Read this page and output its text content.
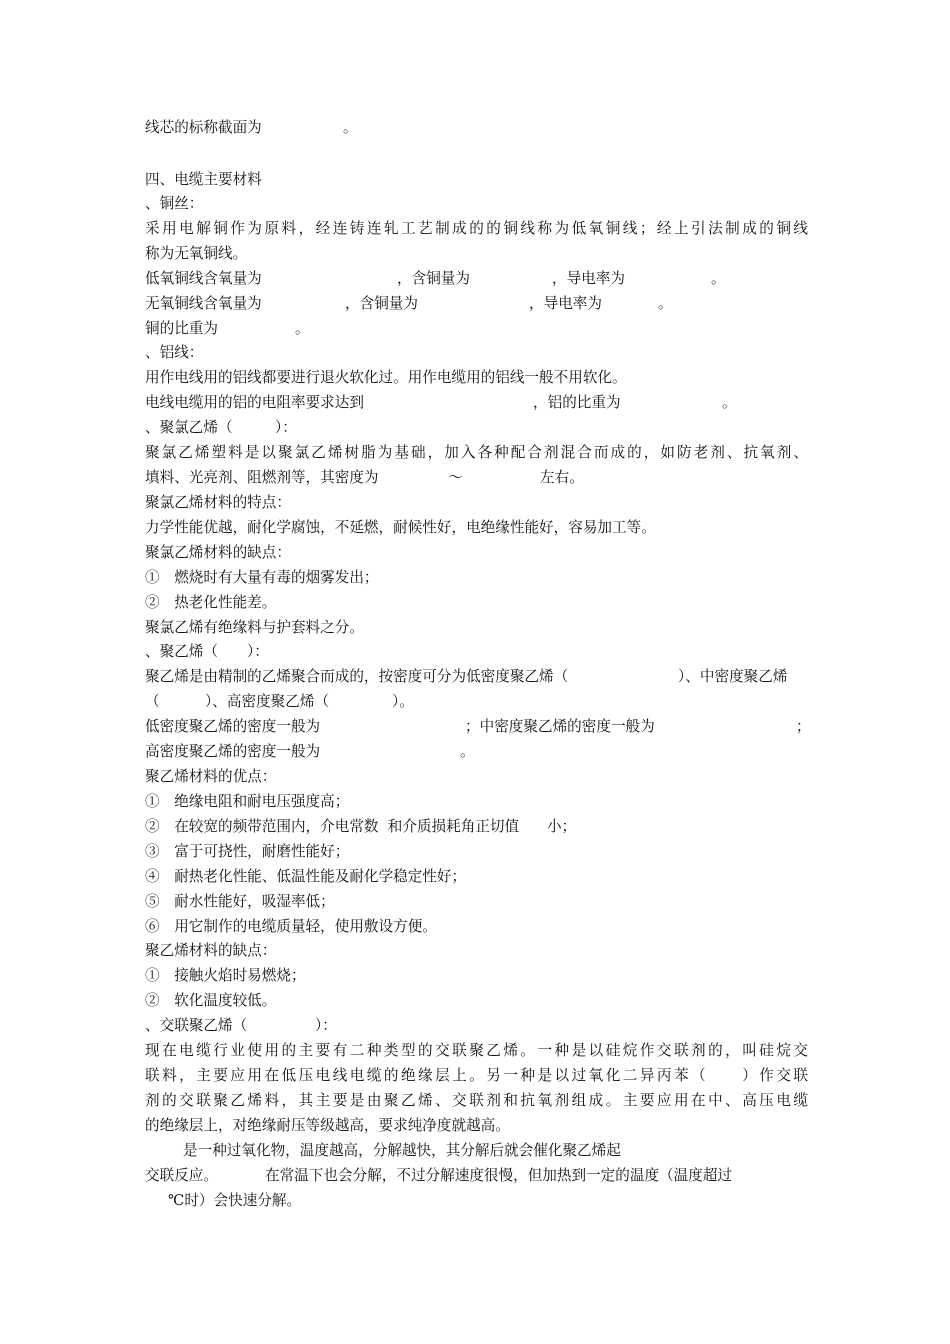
线芯的标称截面为

	。

四、电缆主要材料
、铜丝：
采用电解铜作为原料，经连铸连轧工艺制成的的铜线称为低氧铜线；经上引法制成的铜线
称为无氧铜线。

低氧铜线含氧量为

	，含铜量为

	，导电率为

	。

无氧铜线含氧量为

	，含铜量为

	，导电率为

	。

铜的比重为

	。

、铝线：
用作电线用的铝线都要进行退火软化过。用作电缆用的铝线一般不用软化。

电线电缆用的铝的电阻率要求达到

	，铝的比重为

	。

、聚氯乙烯（

	）：

聚氯乙烯塑料是以聚氯乙烯树脂为基础，加入各种配合剂混合而成的，如防老剂、抗氧剂、

填料、光亮剂、阻燃剂等，其密度为

	～

	左右。

聚氯乙烯材料的特点：
力学性能优越，耐化学腐蚀，不延燃，耐候性好，电绝缘性能好，容易加工等。
聚氯乙烯材料的缺点：
①　燃烧时有大量有毒的烟雾发出；
②　热老化性能差。
聚氯乙烯有绝缘料与护套料之分。

、聚乙烯（

）：

聚乙烯是由精制的乙烯聚合而成的，按密度可分为低密度聚乙烯（

	）、中密度聚乙烯

（

	）、高密度聚乙烯（

	）。

低密度聚乙烯的密度一般为

	；中密度聚乙烯的密度一般为

	；

高密度聚乙烯的密度一般为

	。

聚乙烯材料的优点：
①　绝缘电阻和耐电压强度高；
②　在较宽的频带范围内，介电常数  和介质损耗角正切值      小；
③　富于可挠性，耐磨性能好；
④　耐热老化性能、低温性能及耐化学稳定性好；
⑤　耐水性能好，吸湿率低；
⑥　用它制作的电缆质量轻，使用敷设方便。
聚乙烯材料的缺点：
①　接触火焰时易燃烧；
②　软化温度较低。

、交联聚乙烯（

	）：

现在电缆行业使用的主要有二种类型的交联聚乙烯。一种是以硅烷作交联剂的，叫硅烷交
联料，主要应用在低压电线电缆的绝缘层上。另一种是以过氧化二异丙苯（　　）作交联
剂的交联聚乙烯料，其主要是由聚乙烯、交联剂和抗氧剂组成。主要应用在中、高压电缆
的绝缘层上，对绝缘耐压等级越高，要求纯净度就越高。
是一种过氧化物，温度越高，分解越快，其分解后就会催化聚乙烯起

交联反应。

	在常温下也会分解，不过分解速度很慢，但加热到一定的温度（温度超过

℃时）会快速分解。
